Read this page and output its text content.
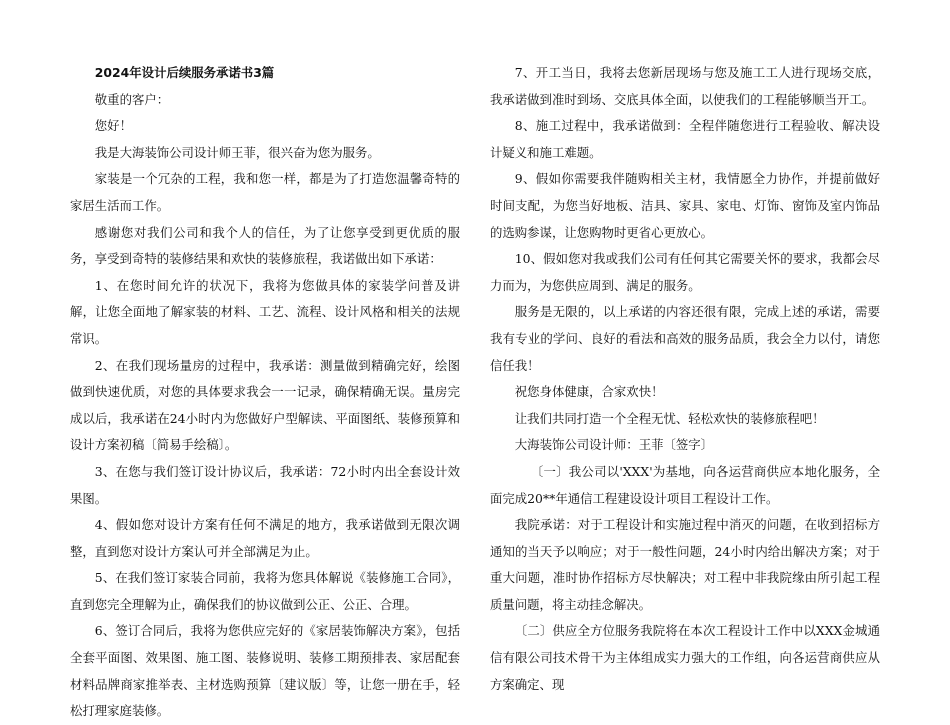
2024年设计后续服务承诺书3篇

敬重的客户：

您好！

我是大海装饰公司设计师王菲，很兴奋为您为服务。

家装是一个冗杂的工程，我和您一样，都是为了打造您温馨奇特的家居生活而工作。

感谢您对我们公司和我个人的信任，为了让您享受到更优质的服务，享受到奇特的装修结果和欢快的装修旅程，我诺做出如下承诺：

1、在您时间允许的状况下，我将为您做具体的家装学问普及讲解，让您全面地了解家装的材料、工艺、流程、设计风格和相关的法规常识。

2、在我们现场量房的过程中，我承诺：测量做到精确完好，绘图做到快速优质，对您的具体要求我会一一记录，确保精确无误。量房完成以后，我承诺在24小时内为您做好户型解读、平面图纸、装修预算和设计方案初稿〔简易手绘稿〕。

3、在您与我们签订设计协议后，我承诺：72小时内出全套设计效果图。

4、假如您对设计方案有任何不满足的地方，我承诺做到无限次调整，直到您对设计方案认可并全部满足为止。

5、在我们签订家装合同前，我将为您具体解说《装修施工合同》，直到您完全理解为止，确保我们的协议做到公正、公正、合理。

6、签订合同后，我将为您供应完好的《家居装饰解决方案》，包括全套平面图、效果图、施工图、装修说明、装修工期预排表、家居配套材料品牌商家推举表、主材选购预算〔建议版〕等，让您一册在手，轻松打理家庭装修。

7、开工当日，我将去您新居现场与您及施工工人进行现场交底，我承诺做到准时到场、交底具体全面，以使我们的工程能够顺当开工。

8、施工过程中，我承诺做到：全程伴随您进行工程验收、解决设计疑义和施工难题。

9、假如你需要我伴随购相关主材，我情愿全力协作，并提前做好时间支配，为您当好地板、洁具、家具、家电、灯饰、窗饰及室内饰品的选购参谋，让您购物时更省心更放心。

10、假如您对我或我们公司有任何其它需要关怀的要求，我都会尽力而为，为您供应周到、满足的服务。

服务是无限的，以上承诺的内容还很有限，完成上述的承诺，需要我有专业的学问、良好的看法和高效的服务品质，我会全力以付，请您信任我！

祝您身体健康，合家欢快！

让我们共同打造一个全程无忧、轻松欢快的装修旅程吧！

大海装饰公司设计师：王菲〔签字〕

〔一〕我公司以'XXX'为基地，向各运营商供应本地化服务，全面完成20**年通信工程建设设计项目工程设计工作。

我院承诺：对于工程设计和实施过程中消灭的问题，在收到招标方通知的当天予以响应；对于一般性问题，24小时内给出解决方案；对于重大问题，准时协作招标方尽快解决；对工程中非我院缘由所引起工程质量问题，将主动挂念解决。

〔二〕供应全方位服务我院将在本次工程设计工作中以XXX金城通信有限公司技术骨干为主体组成实力强大的工作组，向各运营商供应从方案确定、现
